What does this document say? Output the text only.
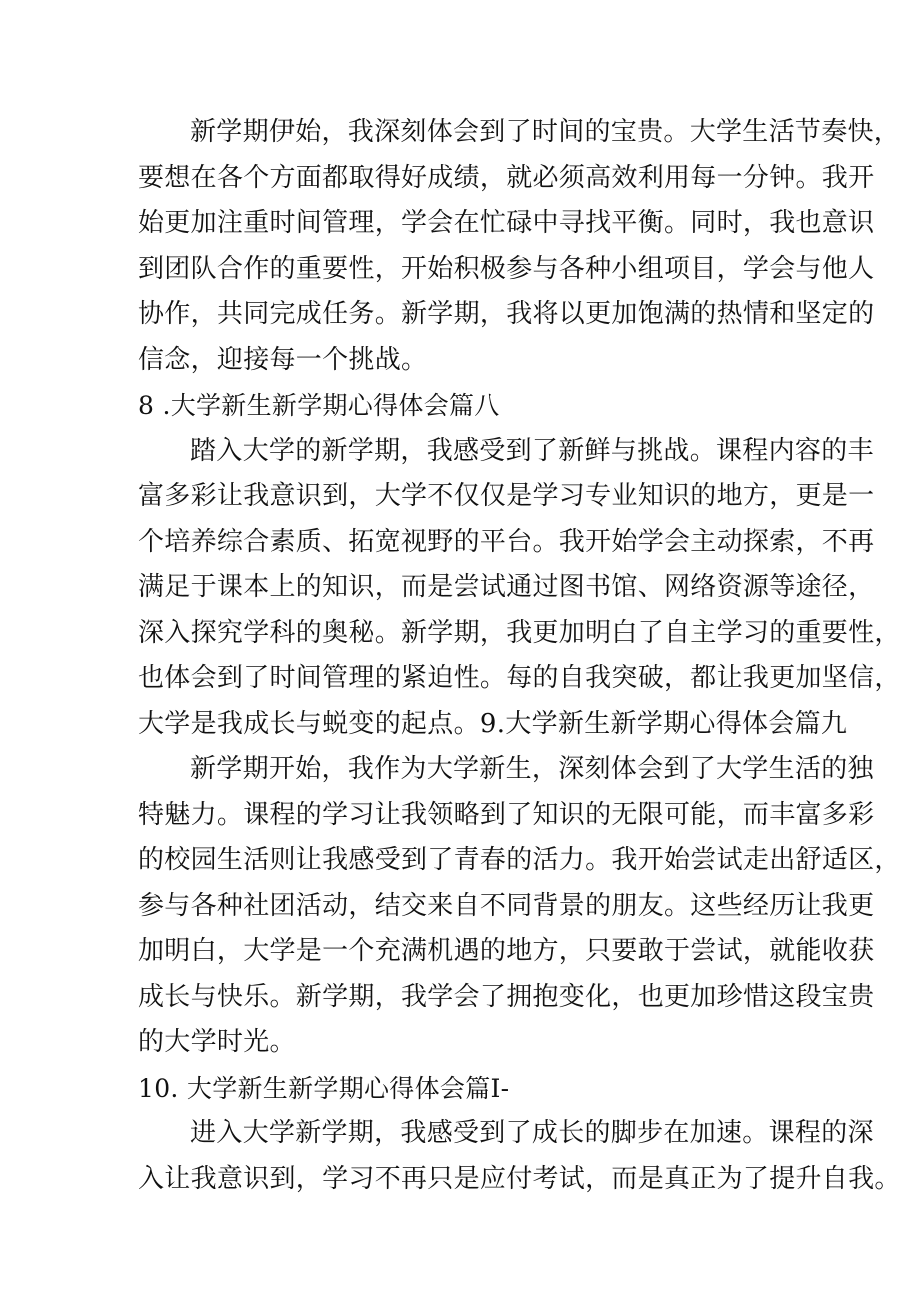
新学期伊始，我深刻体会到了时间的宝贵。大学生活节奏快，
要想在各个方面都取得好成绩，就必须高效利用每一分钟。我开
始更加注重时间管理，学会在忙碌中寻找平衡。同时，我也意识
到团队合作的重要性，开始积极参与各种小组项目，学会与他人
协作，共同完成任务。新学期，我将以更加饱满的热情和坚定的
信念，迎接每一个挑战。
8 .大学新生新学期心得体会篇八
踏入大学的新学期，我感受到了新鲜与挑战。课程内容的丰
富多彩让我意识到，大学不仅仅是学习专业知识的地方，更是一
个培养综合素质、拓宽视野的平台。我开始学会主动探索，不再
满足于课本上的知识，而是尝试通过图书馆、网络资源等途径，
深入探究学科的奥秘。新学期，我更加明白了自主学习的重要性，
也体会到了时间管理的紧迫性。每的自我突破，都让我更加坚信，
大学是我成长与蜕变的起点。9.大学新生新学期心得体会篇九
新学期开始，我作为大学新生，深刻体会到了大学生活的独
特魅力。课程的学习让我领略到了知识的无限可能，而丰富多彩
的校园生活则让我感受到了青春的活力。我开始尝试走出舒适区，
参与各种社团活动，结交来自不同背景的朋友。这些经历让我更
加明白，大学是一个充满机遇的地方，只要敢于尝试，就能收获
成长与快乐。新学期，我学会了拥抱变化，也更加珍惜这段宝贵
的大学时光。
10. 大学新生新学期心得体会篇I-
进入大学新学期，我感受到了成长的脚步在加速。课程的深
入让我意识到，学习不再只是应付考试，而是真正为了提升自我。
